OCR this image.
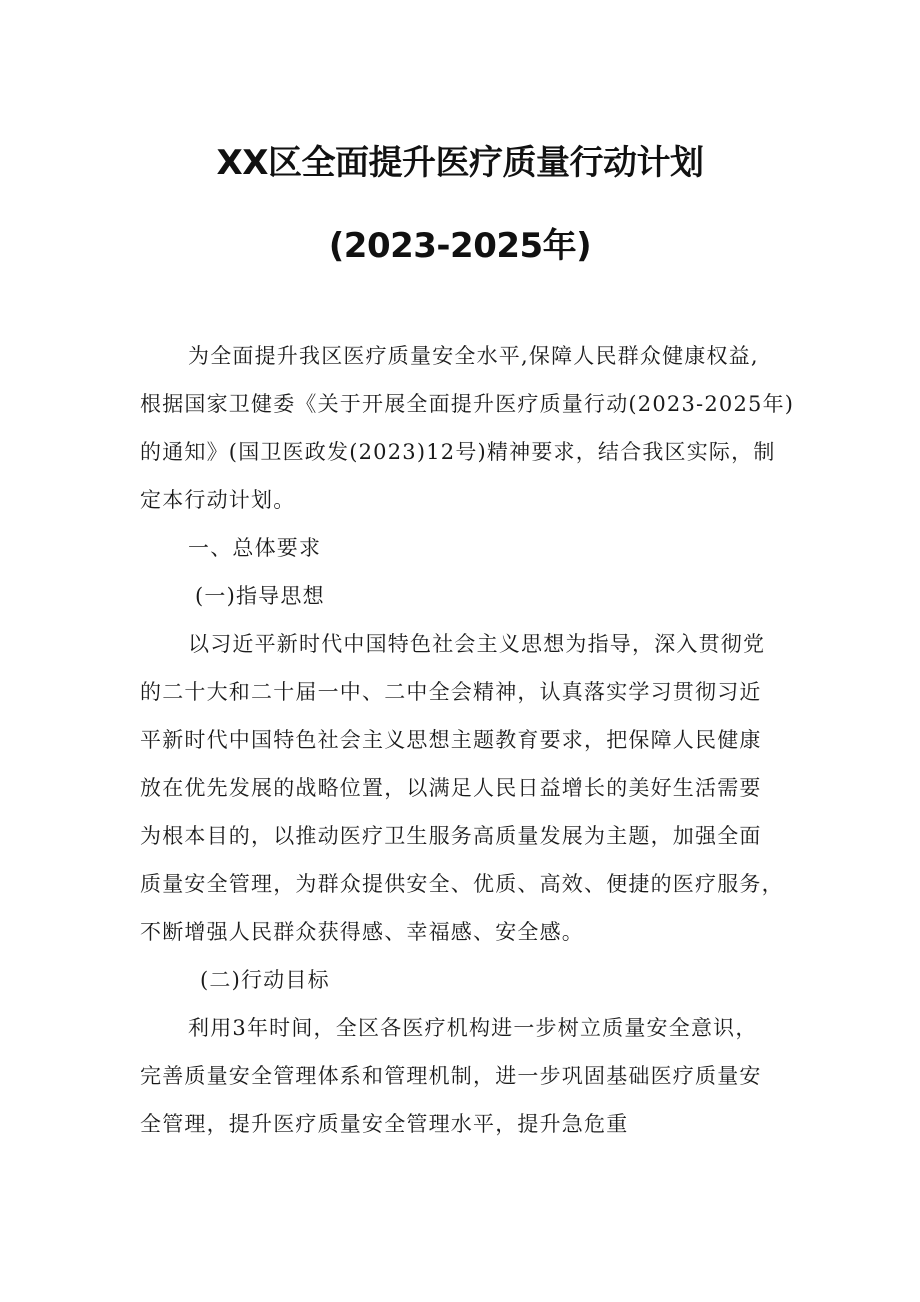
XX区全面提升医疗质量行动计划
(2023-2025年)
为全面提升我区医疗质量安全水平,保障人民群众健康权益,
根据国家卫健委《关于开展全面提升医疗质量行动(2023-2025年)
的通知》(国卫医政发(2023)12号)精神要求，结合我区实际，制
定本行动计划。
一、总体要求
(一)指导思想
以习近平新时代中国特色社会主义思想为指导，深入贯彻党
的二十大和二十届一中、二中全会精神，认真落实学习贯彻习近
平新时代中国特色社会主义思想主题教育要求，把保障人民健康
放在优先发展的战略位置，以满足人民日益增长的美好生活需要
为根本目的，以推动医疗卫生服务高质量发展为主题，加强全面
质量安全管理，为群众提供安全、优质、高效、便捷的医疗服务，
不断增强人民群众获得感、幸福感、安全感。
(二)行动目标
利用3年时间，全区各医疗机构进一步树立质量安全意识，
完善质量安全管理体系和管理机制，进一步巩固基础医疗质量安
全管理，提升医疗质量安全管理水平，提升急危重
